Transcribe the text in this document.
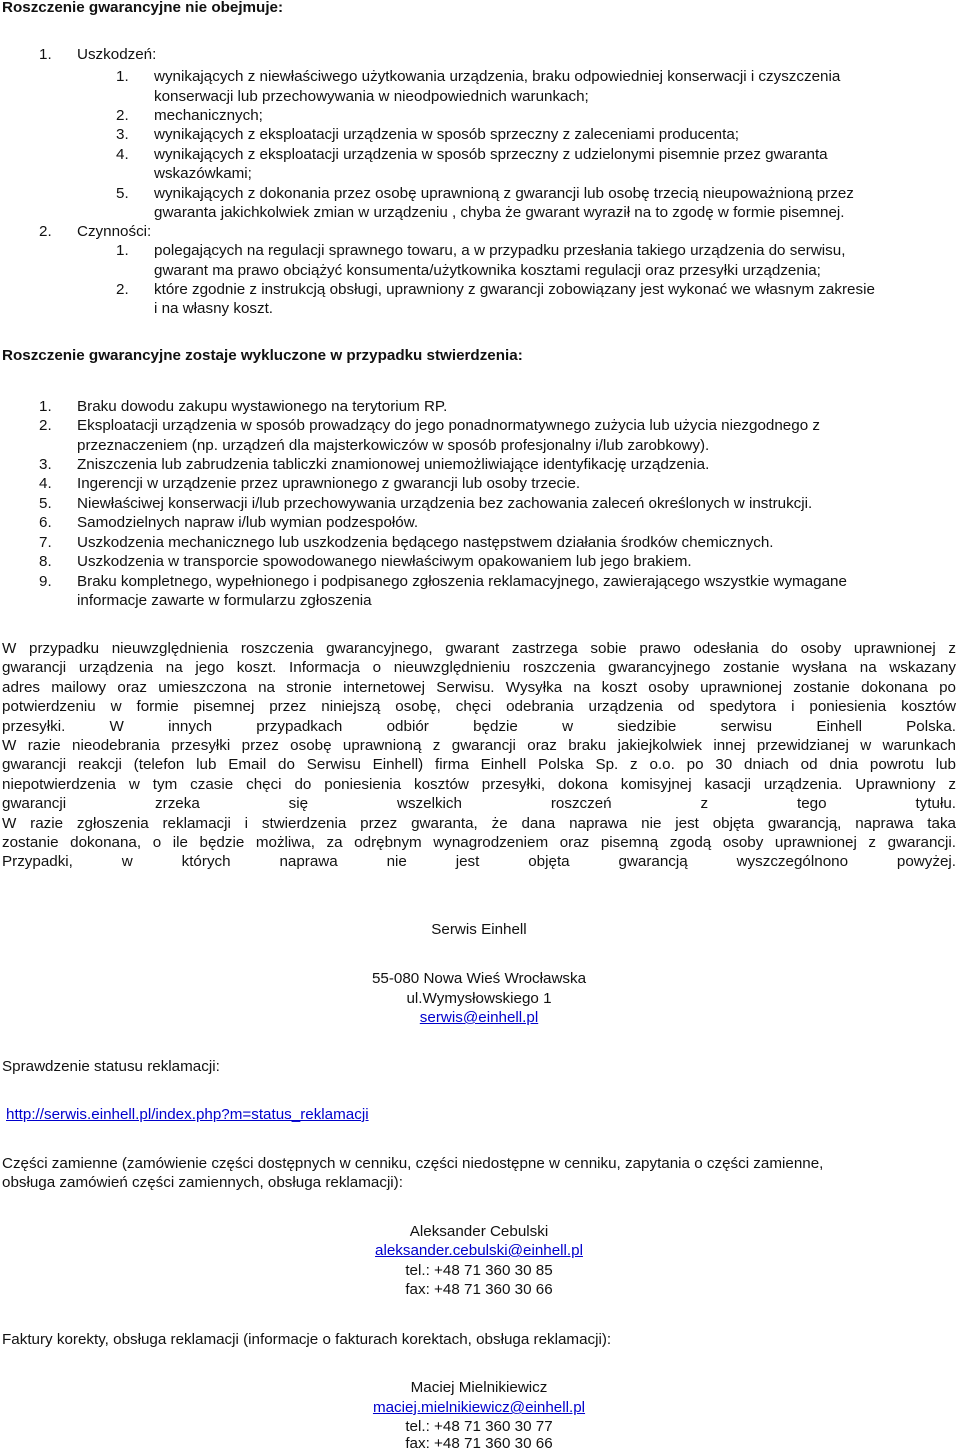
Roszczenie gwarancyjne nie obejmuje:
1. Uszkodzeń:
1. wynikających z niewłaściwego użytkowania urządzenia, braku odpowiedniej konserwacji i czyszczenia
konserwacji lub przechowywania w nieodpowiednich warunkach;
2. mechanicznych;
3. wynikających z eksploatacji urządzenia w sposób sprzeczny z zaleceniami producenta;
4. wynikających z eksploatacji urządzenia w sposób sprzeczny z udzielonymi pisemnie przez gwaranta
wskazówkami;
5. wynikających z dokonania przez osobę uprawnioną z gwarancji lub osobę trzecią nieupoważnioną przez
gwaranta jakichkolwiek zmian w urządzeniu , chyba że gwarant wyraził na to zgodę w formie pisemnej.
2. Czynności:
1. polegających na regulacji sprawnego towaru, a w przypadku przesłania takiego urządzenia do serwisu,
gwarant ma prawo obciążyć konsumenta/użytkownika kosztami regulacji oraz przesyłki urządzenia;
2. które zgodnie z instrukcją obsługi, uprawniony z gwarancji zobowiązany jest wykonać we własnym zakresie
i na własny koszt.
Roszczenie gwarancyjne zostaje wykluczone w przypadku stwierdzenia:
1. Braku dowodu zakupu wystawionego na terytorium RP.
2. Eksploatacji urządzenia w sposób prowadzący do jego ponadnormatywnego zużycia lub użycia niezgodnego z
przeznaczeniem (np. urządzeń dla majsterkowiczów w sposób profesjonalny i/lub zarobkowy).
3. Zniszczenia lub zabrudzenia tabliczki znamionowej uniemożliwiające identyfikację urządzenia.
4. Ingerencji w urządzenie przez uprawnionego z gwarancji lub osoby trzecie.
5. Niewłaściwej konserwacji i/lub przechowywania urządzenia bez zachowania zaleceń określonych w instrukcji.
6. Samodzielnych napraw i/lub wymian podzespołów.
7. Uszkodzenia mechanicznego lub uszkodzenia będącego następstwem działania środków chemicznych.
8. Uszkodzenia w transporcie spowodowanego niewłaściwym opakowaniem lub jego brakiem.
9. Braku kompletnego, wypełnionego i podpisanego zgłoszenia reklamacyjnego, zawierającego wszystkie wymagane
informacje zawarte w formularzu zgłoszenia
W przypadku nieuwzględnienia roszczenia gwarancyjnego, gwarant zastrzega sobie prawo odesłania do osoby uprawnionej z
gwarancji urządzenia na jego koszt. Informacja o nieuwzględnieniu roszczenia gwarancyjnego zostanie wysłana na wskazany
adres mailowy oraz umieszczona na stronie internetowej Serwisu. Wysyłka na koszt osoby uprawnionej zostanie dokonana po
potwierdzeniu w formie pisemnej przez niniejszą osobę, chęci odebrania urządzenia od spedytora i poniesienia kosztów
przesyłki. W innych przypadkach odbiór będzie w siedzibie serwisu Einhell Polska.
W razie nieodebrania przesyłki przez osobę uprawnioną z gwarancji oraz braku jakiejkolwiek innej przewidzianej w warunkach
gwarancji reakcji (telefon lub Email do Serwisu Einhell) firma Einhell Polska Sp. z o.o. po 30 dniach od dnia powrotu lub
niepotwierdzenia w tym czasie chęci do poniesienia kosztów przesyłki, dokona komisyjnej kasacji urządzenia. Uprawniony z
gwarancji zrzeka się wszelkich roszczeń z tego tytułu.
W razie zgłoszenia reklamacji i stwierdzenia przez gwaranta, że dana naprawa nie jest objęta gwarancją, naprawa taka
zostanie dokonana, o ile będzie możliwa, za odrębnym wynagrodzeniem oraz pisemną zgodą osoby uprawnionej z gwarancji.
Przypadki, w których naprawa nie jest objęta gwarancją wyszczególnono powyżej.
Serwis Einhell
55-080 Nowa Wieś Wrocławska
ul.Wymysłowskiego 1
serwis@einhell.pl
Sprawdzenie statusu reklamacji:
http://serwis.einhell.pl/index.php?m=status_reklamacji
Części zamienne (zamówienie części dostępnych w cenniku, części niedostępne w cenniku, zapytania o części zamienne,
obsługa zamówień części zamiennych, obsługa reklamacji):
Aleksander Cebulski
aleksander.cebulski@einhell.pl
tel.: +48 71 360 30 85
fax: +48 71 360 30 66
Faktury korekty, obsługa reklamacji (informacje o fakturach korektach, obsługa reklamacji):
Maciej Mielnikiewicz
maciej.mielnikiewicz@einhell.pl
tel.: +48 71 360 30 77
fax: +48 71 360 30 66
